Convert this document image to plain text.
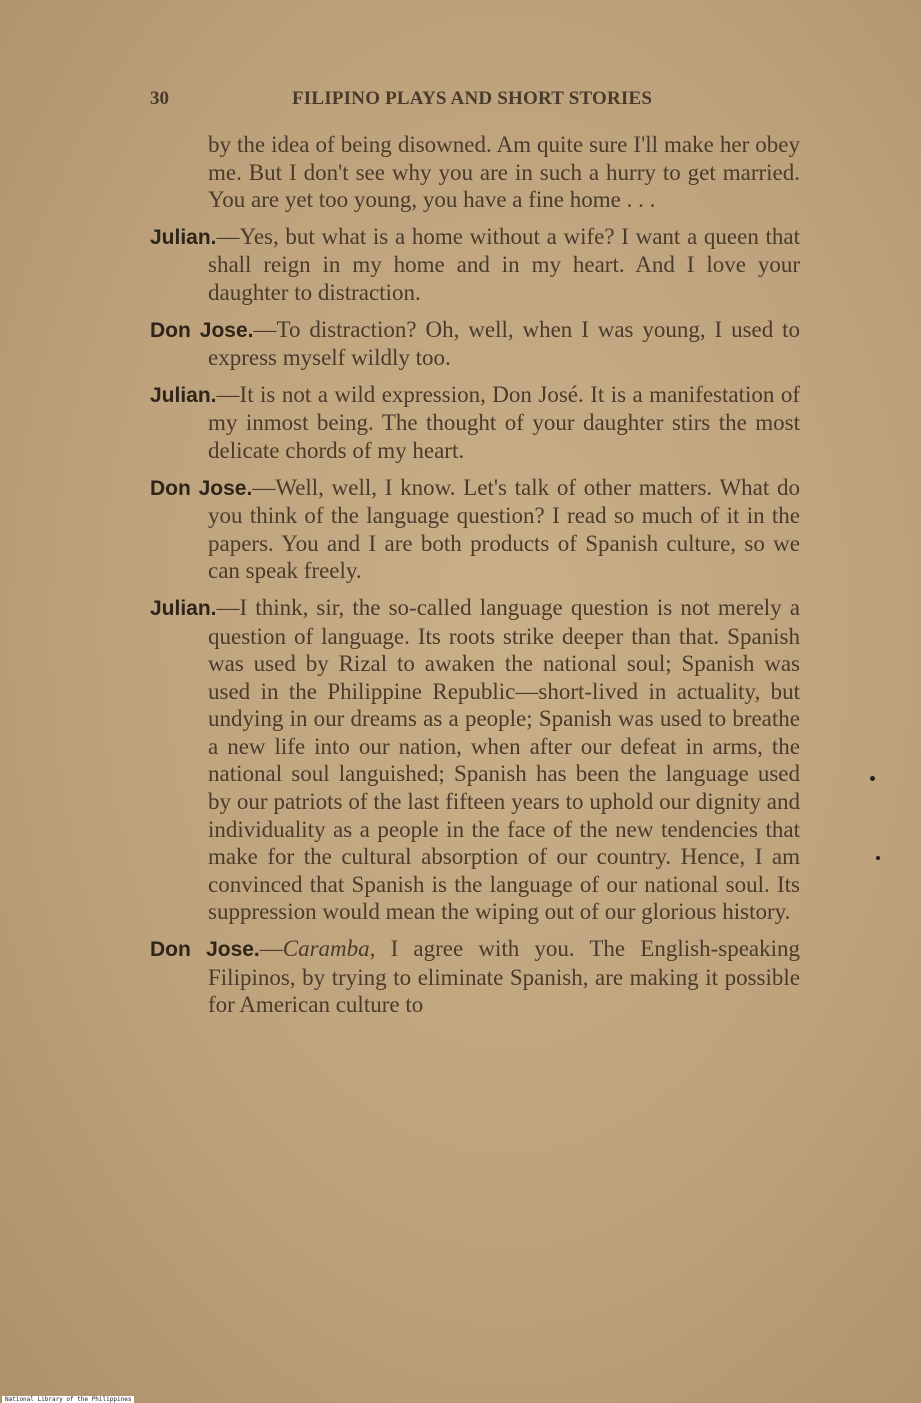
30	FILIPINO PLAYS AND SHORT STORIES

by the idea of being disowned. Am quite sure I'll make her obey me. But I don't see why you are in such a hurry to get married. You are yet too young, you have a fine home . . .

Julian.—Yes, but what is a home without a wife? I want a queen that shall reign in my home and in my heart. And I love your daughter to distraction.

Don Jose.—To distraction? Oh, well, when I was young, I used to express myself wildly too.

Julian.—It is not a wild expression, Don José. It is a manifestation of my inmost being. The thought of your daughter stirs the most delicate chords of my heart.

Don Jose.—Well, well, I know. Let's talk of other matters. What do you think of the language question? I read so much of it in the papers. You and I are both products of Spanish culture, so we can speak freely.

Julian.—I think, sir, the so-called language question is not merely a question of language. Its roots strike deeper than that. Spanish was used by Rizal to awaken the national soul; Spanish was used in the Philippine Republic—short-lived in actuality, but undying in our dreams as a people; Spanish was used to breathe a new life into our nation, when after our defeat in arms, the national soul languished; Spanish has been the language used by our patriots of the last fifteen years to uphold our dignity and individuality as a people in the face of the new tendencies that make for the cultural absorption of our country. Hence, I am convinced that Spanish is the language of our national soul. Its suppression would mean the wiping out of our glorious history.

Don Jose.—Caramba, I agree with you. The English-speaking Filipinos, by trying to eliminate Spanish, are making it possible for American culture to

National Library of the Philippines
